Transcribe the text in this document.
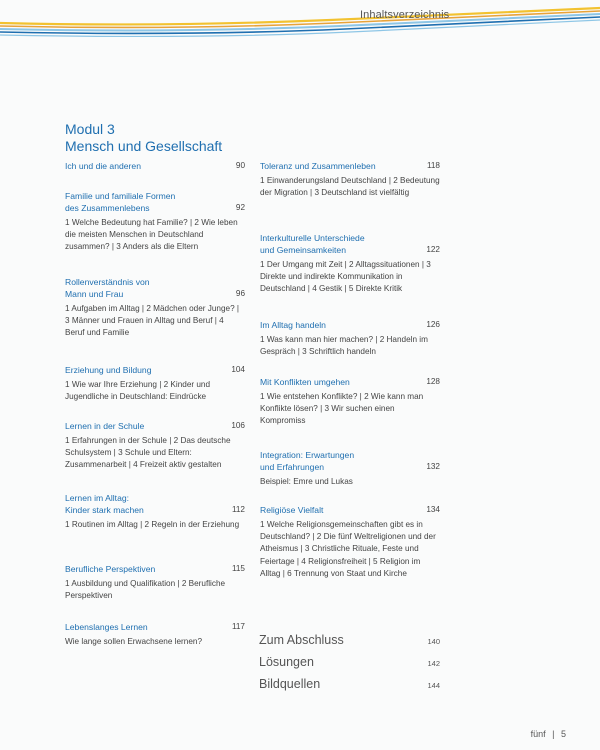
Inhaltsverzeichnis
Modul 3
Mensch und Gesellschaft
Ich und die anderen	90
Familie und familiale Formen
des Zusammenlebens	92
1 Welche Bedeutung hat Familie? | 2 Wie leben die meisten Menschen in Deutschland zusammen? | 3 Anders als die Eltern
Rollenverständnis von
Mann und Frau	96
1 Aufgaben im Alltag | 2 Mädchen oder Junge? | 3 Männer und Frauen in Alltag und Beruf | 4 Beruf und Familie
Erziehung und Bildung	104
1 Wie war Ihre Erziehung | 2 Kinder und Jugendliche in Deutschland: Eindrücke
Lernen in der Schule	106
1 Erfahrungen in der Schule | 2 Das deutsche Schulsystem | 3 Schule und Eltern: Zusammenarbeit | 4 Freizeit aktiv gestalten
Lernen im Alltag:
Kinder stark machen	112
1 Routinen im Alltag | 2 Regeln in der Erziehung
Berufliche Perspektiven	115
1 Ausbildung und Qualifikation | 2 Berufliche Perspektiven
Lebenslanges Lernen	117
Wie lange sollen Erwachsene lernen?
Toleranz und Zusammenleben	118
1 Einwanderungsland Deutschland | 2 Bedeutung der Migration | 3 Deutschland ist vielfältig
Interkulturelle Unterschiede
und Gemeinsamkeiten	122
1 Der Umgang mit Zeit | 2 Alltagssituationen | 3 Direkte und indirekte Kommunikation in Deutschland | 4 Gestik | 5 Direkte Kritik
Im Alltag handeln	126
1 Was kann man hier machen? | 2 Handeln im Gespräch | 3 Schriftlich handeln
Mit Konflikten umgehen	128
1 Wie entstehen Konflikte? | 2 Wie kann man Konflikte lösen? | 3 Wir suchen einen Kompromiss
Integration: Erwartungen
und Erfahrungen	132
Beispiel: Emre und Lukas
Religiöse Vielfalt	134
1 Welche Religionsgemeinschaften gibt es in Deutschland? | 2 Die fünf Weltreligionen und der Atheismus | 3 Christliche Rituale, Feste und Feiertage | 4 Religionsfreiheit | 5 Religion im Alltag | 6 Trennung von Staat und Kirche
Zum Abschluss	140
Lösungen	142
Bildquellen	144
fünf | 5
